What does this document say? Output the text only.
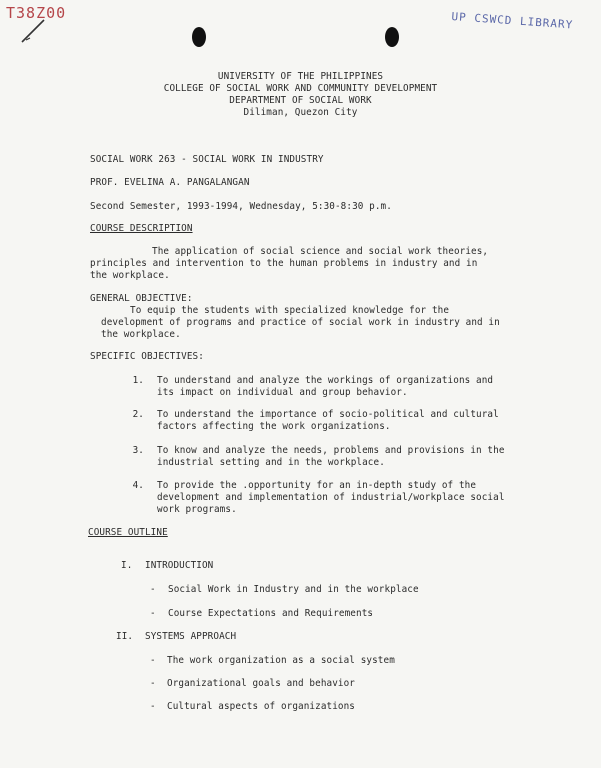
T38Z00	UP CSWCD LIBRARY
UNIVERSITY OF THE PHILIPPINES
COLLEGE OF SOCIAL WORK AND COMMUNITY DEVELOPMENT
DEPARTMENT OF SOCIAL WORK
Diliman, Quezon City
SOCIAL WORK 263 - SOCIAL WORK IN INDUSTRY
PROF. EVELINA A. PANGALANGAN
Second Semester, 1993-1994, Wednesday, 5:30-8:30 p.m.
COURSE DESCRIPTION
The application of social science and social work theories,
principles and intervention to the human problems in industry and in
the workplace.
GENERAL OBJECTIVE:
To equip the students with specialized knowledge for the
development of programs and practice of social work in industry and in
the workplace.
SPECIFIC OBJECTIVES:
1. To understand and analyze the workings of organizations and
its impact on individual and group behavior.
2. To understand the importance of socio-political and cultural
factors affecting the work organizations.
3. To know and analyze the needs, problems and provisions in the
industrial setting and in the workplace.
4. To provide the .opportunity for an in-depth study of the
development and implementation of industrial/workplace social
work programs.
COURSE OUTLINE
I. INTRODUCTION
- Social Work in Industry and in the workplace
- Course Expectations and Requirements
II. SYSTEMS APPROACH
- The work organization as a social system
- Organizational goals and behavior
- Cultural aspects of organizations
